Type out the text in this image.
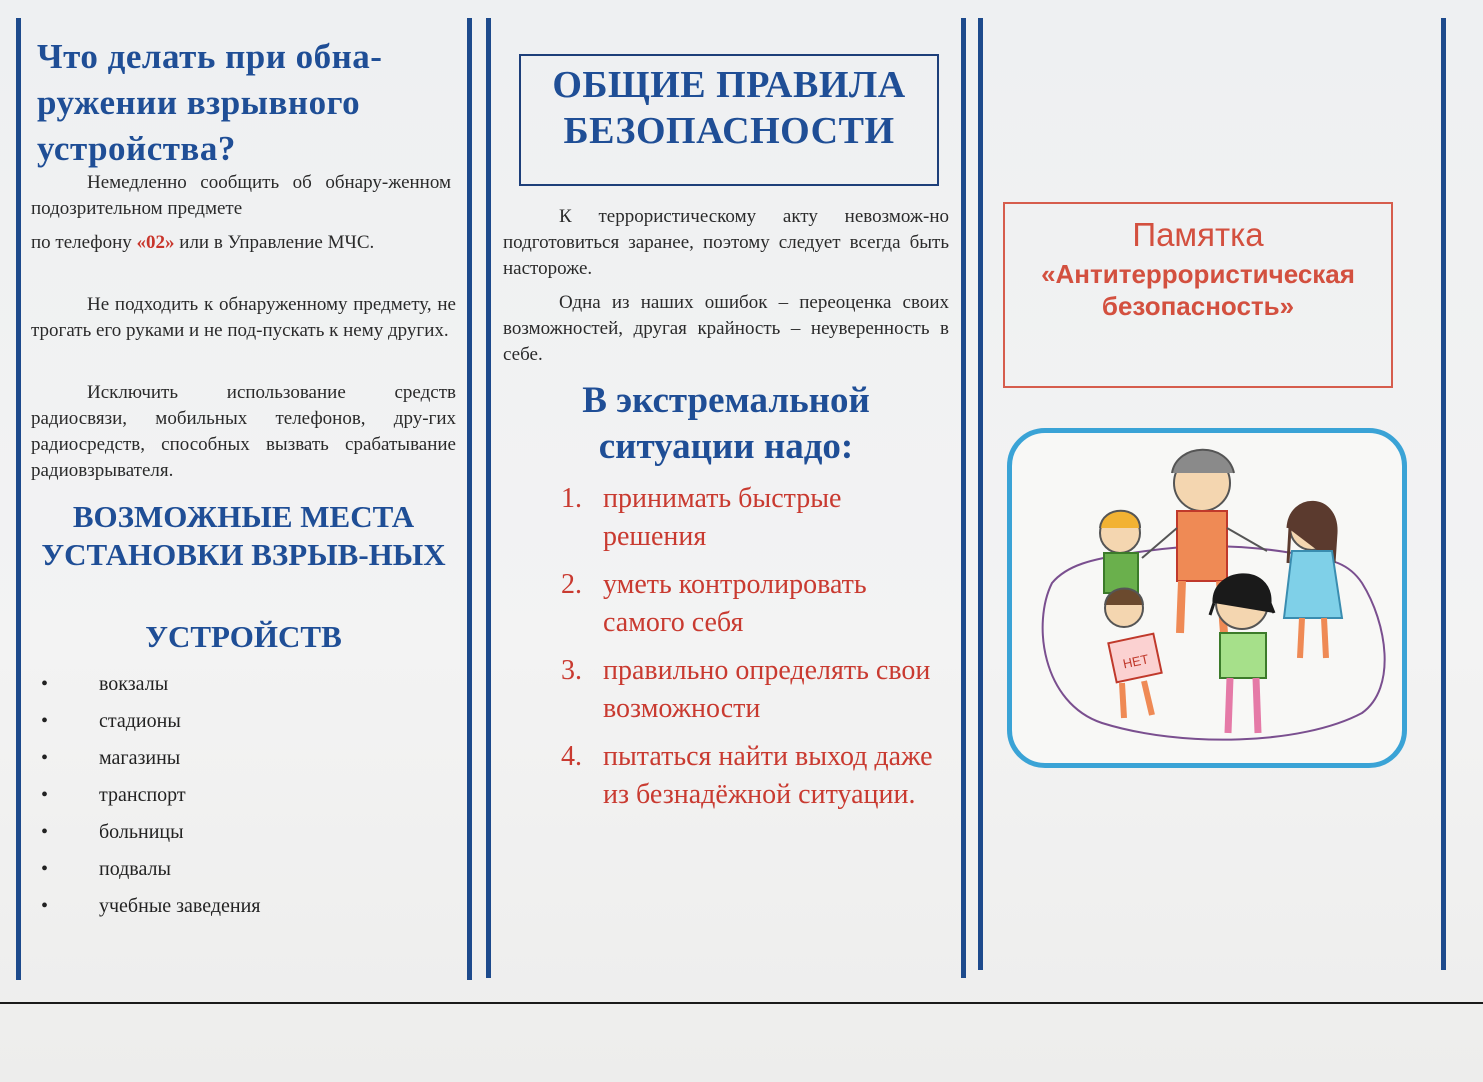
Что делать при обна-ружении взрывного устройства?

Немедленно сообщить об обнару-женном подозрительном предмете

по телефону «02» или в Управление МЧС.

Не подходить к обнаруженному предмету, не трогать его руками и не под-пускать к нему других.

Исключить использование средств радиосвязи, мобильных телефонов, дру-гих радиосредств, способных вызвать срабатывание радиовзрывателя.

ВОЗМОЖНЫЕ МЕСТА УСТАНОВКИ ВЗРЫВ-НЫХ
УСТРОЙСТВ
•	вокзалы
•	стадионы
•	магазины
•	транспорт
•	больницы
•	подвалы
•	учебные заведения
ОБЩИЕ ПРАВИЛА БЕЗОПАСНОСТИ

К террористическому акту невозмож-но подготовиться заранее, поэтому следует всегда быть настороже.

Одна из наших ошибок – переоценка своих возможностей, другая крайность – неуверенность в себе.

В экстремальной ситуации надо:
1. принимать быстрые решения
2. уметь контролировать самого себя
3. правильно определять свои возможности
4. пытаться найти выход даже из безнадёжной ситуации.
Памятка
«Антитеррористическая безопасность»
НЕТ
